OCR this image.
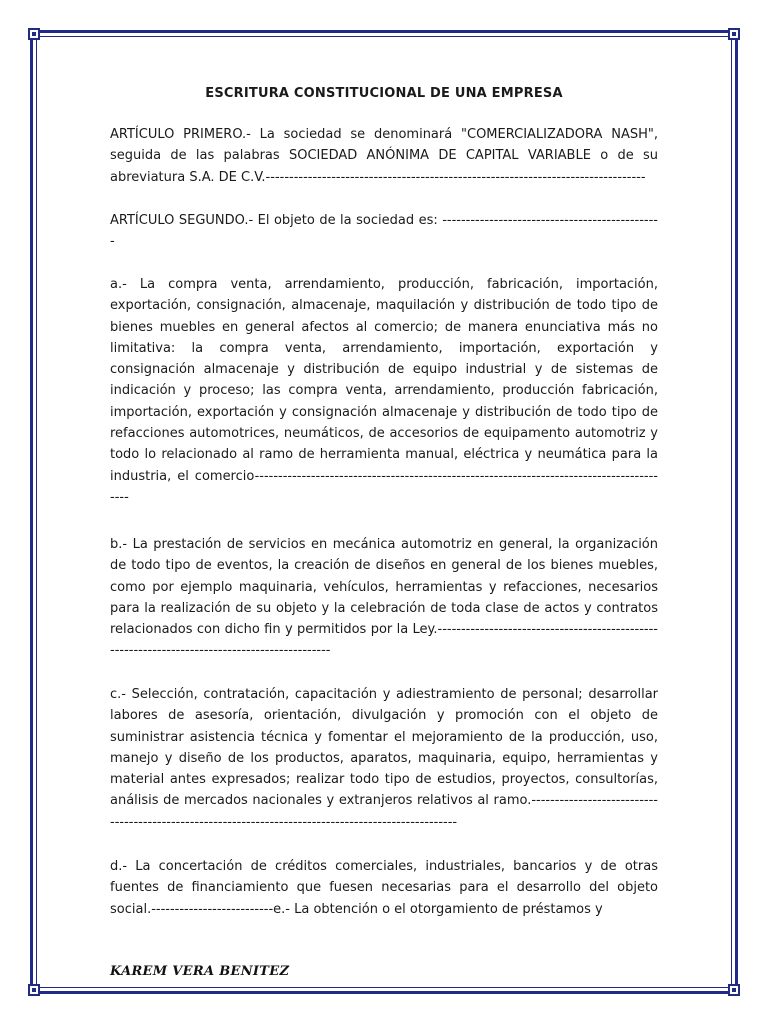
ESCRITURA CONSTITUCIONAL DE UNA EMPRESA

ARTÍCULO PRIMERO.- La sociedad se denominará "COMERCIALIZADORA NASH", seguida de las palabras SOCIEDAD ANÓNIMA DE CAPITAL VARIABLE o de su abreviatura S.A. DE C.V.---------------------------------------------------------------------------------

ARTÍCULO SEGUNDO.- El objeto de la sociedad es: -----------------------------------------------

a.- La compra venta, arrendamiento, producción, fabricación, importación, exportación, consignación, almacenaje, maquilación y distribución de todo tipo de bienes muebles en general afectos al comercio; de manera enunciativa más no limitativa: la compra venta, arrendamiento, importación, exportación y consignación almacenaje y distribución de equipo industrial y de sistemas de indicación y proceso; las compra venta, arrendamiento, producción fabricación, importación, exportación y consignación almacenaje y distribución de todo tipo de refacciones automotrices, neumáticos, de accesorios de equipamento automotriz y todo lo relacionado al ramo de herramienta manual, eléctrica y neumática para la industria, el comercio------------------------------------------------------------------------------------------

b.- La prestación de servicios en mecánica automotriz en general, la organización de todo tipo de eventos, la creación de diseños en general de los bienes muebles, como por ejemplo maquinaria, vehículos, herramientas y refacciones, necesarios para la realización de su objeto y la celebración de toda clase de actos y contratos relacionados con dicho fin y permitidos por la Ley.----------------------------------------------------------------------------------------------

c.- Selección, contratación, capacitación y adiestramiento de personal; desarrollar labores de asesoría, orientación, divulgación y promoción con el objeto de suministrar asistencia técnica y fomentar el mejoramiento de la producción, uso, manejo y diseño de los productos, aparatos, maquinaria, equipo, herramientas y material antes expresados; realizar todo tipo de estudios, proyectos, consultorías, análisis de mercados nacionales y extranjeros relativos al ramo.-----------------------------------------------------------------------------------------------------

d.- La concertación de créditos comerciales, industriales, bancarios y de otras fuentes de financiamiento que fuesen necesarias para el desarrollo del objeto social.--------------------------e.- La obtención o el otorgamiento de préstamos y

KAREM VERA BENITEZ
